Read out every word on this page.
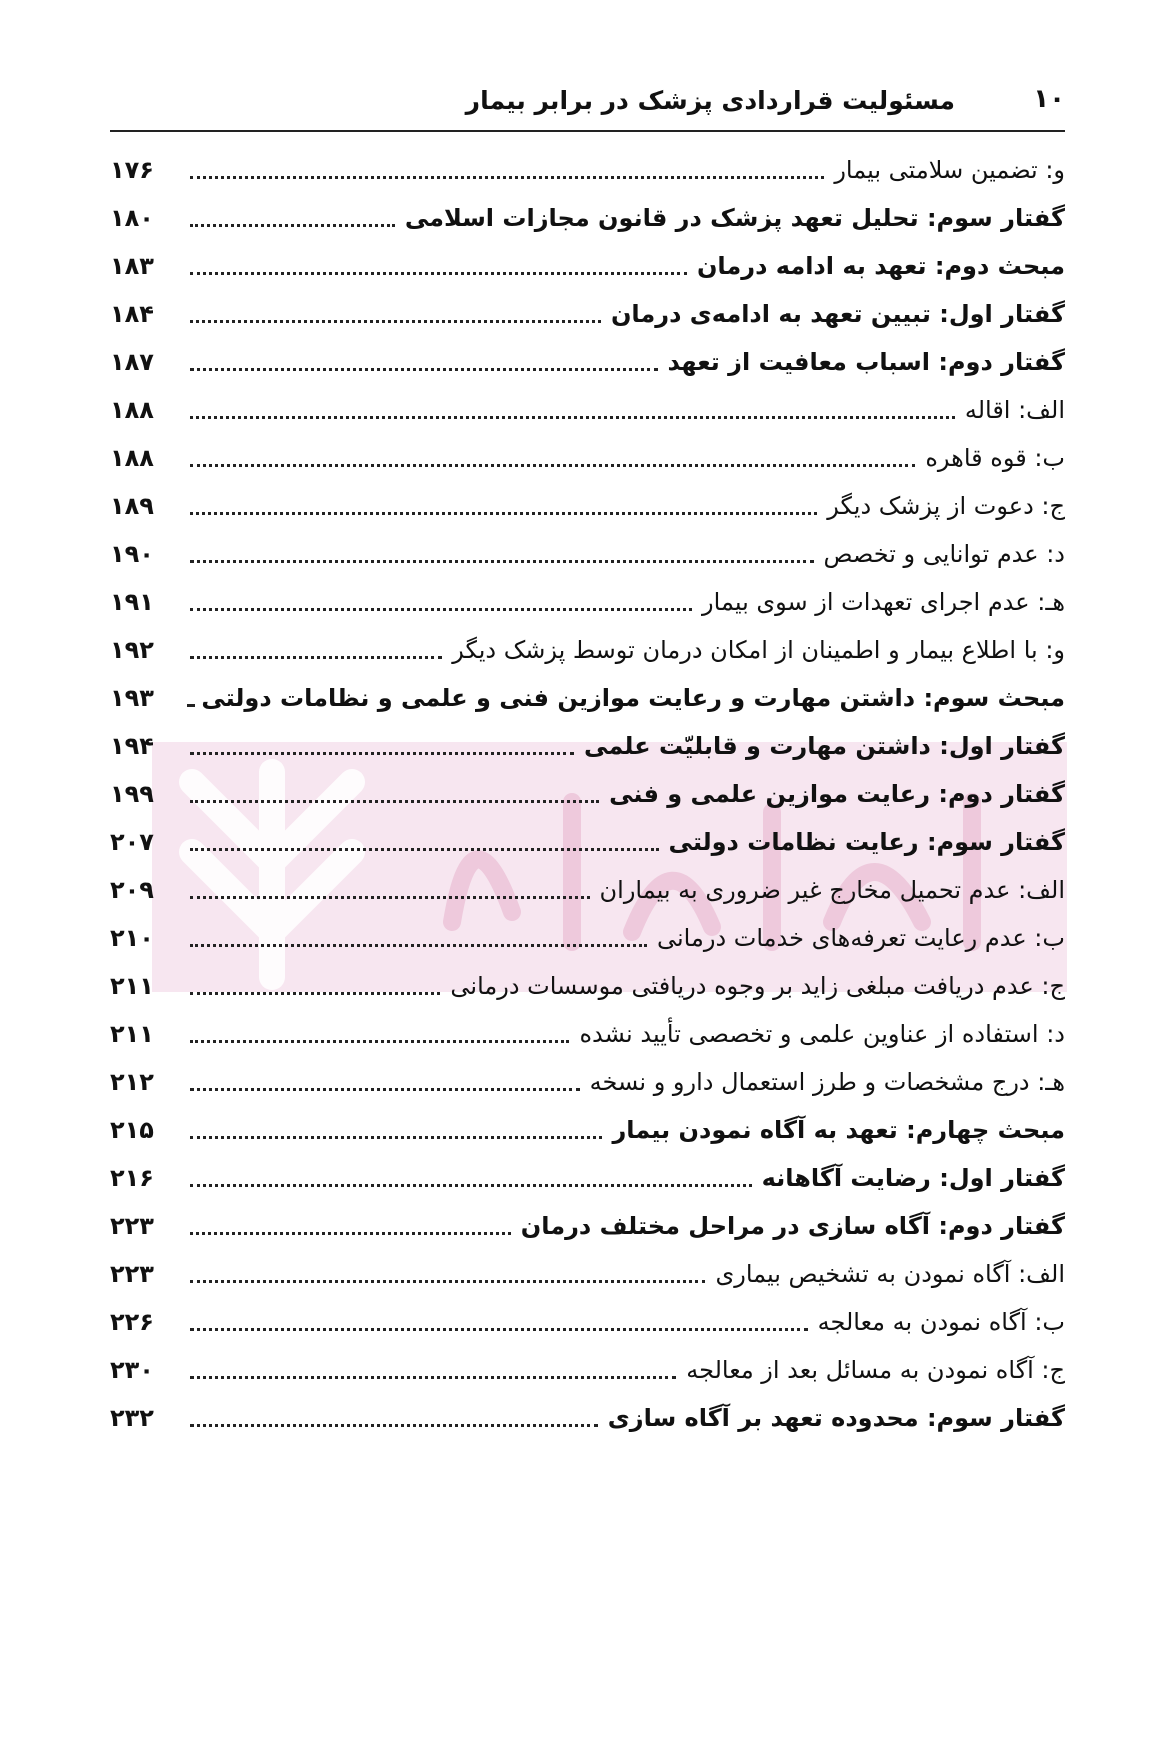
۱۰
مسئولیت قراردادی پزشک در برابر بیمار
و: تضمین سلامتی بیمار
۱۷۶
گفتار سوم: تحلیل تعهد پزشک در قانون مجازات اسلامی
۱۸۰
مبحث دوم: تعهد به ادامه درمان
۱۸۳
گفتار اول: تبیین تعهد به ادامه‌ی درمان
۱۸۴
گفتار دوم: اسباب معافیت از تعهد
۱۸۷
الف: اقاله
۱۸۸
ب: قوه قاهره
۱۸۸
ج: دعوت از پزشک دیگر
۱۸۹
د: عدم توانایی و تخصص
۱۹۰
هـ: عدم اجرای تعهدات از سوی بیمار
۱۹۱
و: با اطلاع بیمار و اطمینان از امکان درمان توسط پزشک دیگر
۱۹۲
مبحث سوم: داشتن مهارت و رعایت موازین فنی و علمی و نظامات دولتی
۱۹۳
گفتار اول: داشتن مهارت و قابلیّت علمی
۱۹۴
گفتار دوم: رعایت موازین علمی و فنی
۱۹۹
گفتار سوم: رعایت نظامات دولتی
۲۰۷
الف: عدم تحمیل مخارج غیر ضروری به بیماران
۲۰۹
ب: عدم رعایت تعرفه‌های خدمات درمانی
۲۱۰
ج: عدم دریافت مبلغی زاید بر وجوه دریافتی موسسات درمانی
۲۱۱
د: استفاده از عناوین علمی و تخصصی تأیید نشده
۲۱۱
هـ: درج مشخصات و طرز استعمال دارو و نسخه
۲۱۲
مبحث چهارم: تعهد به آگاه نمودن بیمار
۲۱۵
گفتار اول: رضایت آگاهانه
۲۱۶
گفتار دوم: آگاه سازی در مراحل مختلف درمان
۲۲۳
الف: آگاه نمودن به تشخیص بیماری
۲۲۳
ب: آگاه نمودن به معالجه
۲۲۶
ج: آگاه نمودن به مسائل بعد از معالجه
۲۳۰
گفتار سوم: محدوده تعهد بر آگاه سازی
۲۳۲
